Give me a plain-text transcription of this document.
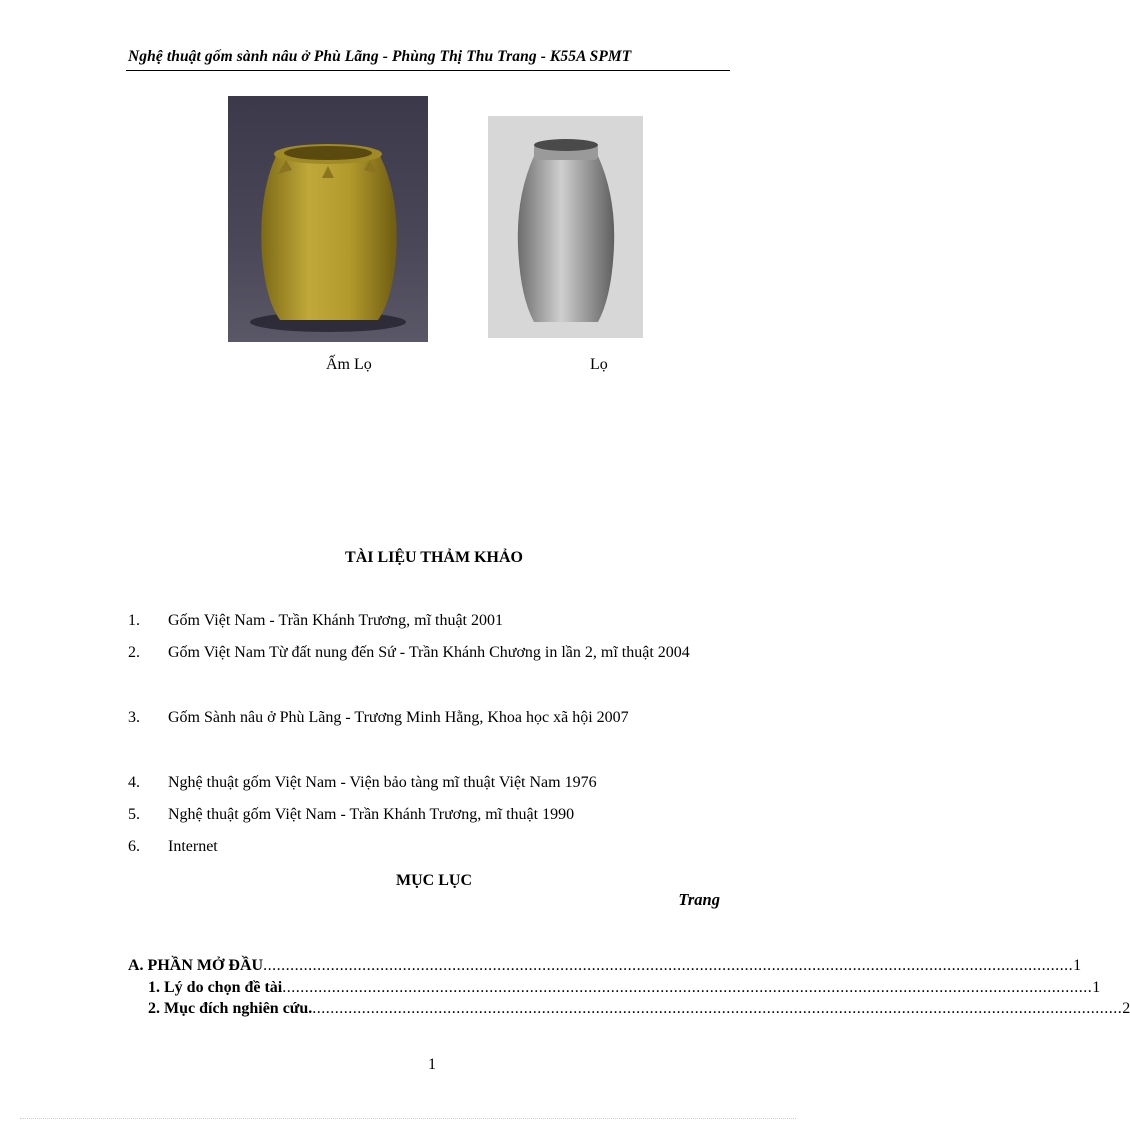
Nghệ thuật gốm sành nâu ở Phù Lãng - Phùng Thị Thu Trang - K55A SPMT
Ấm Lọ	Lọ
TÀI LIỆU THẢM KHẢO
1. Gốm Việt Nam - Trần Khánh Trương, mĩ thuật 2001
2. Gốm Việt Nam Từ đất nung đến Sứ - Trần Khánh Chương in lần 2, mĩ thuật 2004
3. Gốm Sành nâu ở Phù Lãng - Trương Minh Hằng, Khoa học xã hội 2007
4. Nghệ thuật gốm Việt Nam - Viện bảo tàng mĩ thuật Việt Nam 1976
5. Nghệ thuật gốm Việt Nam - Trần Khánh Trương, mĩ thuật 1990
6. Internet
MỤC LỤC
Trang
A. PHẦN MỞ ĐẦU .................................................................................................................................................................................... 1
1. Lý do chọn đề tài .................................................................................................................................................................................... 1
2. Mục đích nghiên cứu. .................................................................................................................................................................................... 2
1
